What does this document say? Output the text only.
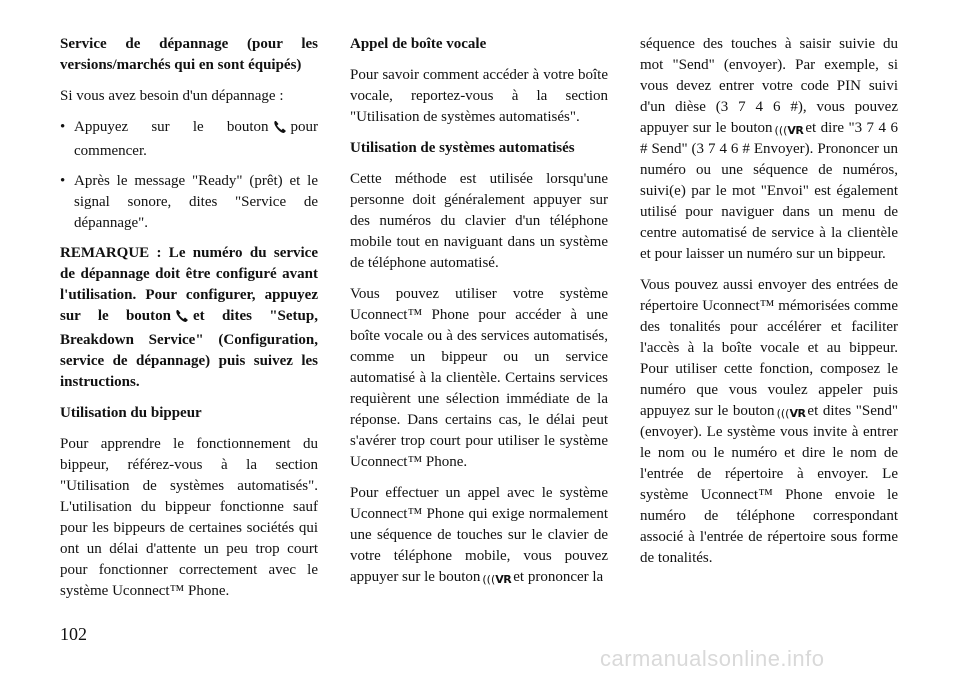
Service de dépannage (pour les versions/marchés qui en sont équipés)

Si vous avez besoin d'un dépannage :

• Appuyez sur le bouton pour commencer.
• Après le message "Ready" (prêt) et le signal sonore, dites "Service de dépannage".

REMARQUE : Le numéro du service de dépannage doit être configuré avant l'utilisation. Pour configurer, appuyez sur le bouton et dites "Setup, Breakdown Service" (Configuration, service de dépannage) puis suivez les instructions.

Utilisation du bippeur

Pour apprendre le fonctionnement du bippeur, référez-vous à la section "Utilisation de systèmes automatisés". L'utilisation du bippeur fonctionne sauf pour les bippeurs de certaines sociétés qui ont un délai d'attente un peu trop court pour fonctionner correctement avec le système Uconnect™ Phone.

Appel de boîte vocale

Pour savoir comment accéder à votre boîte vocale, reportez-vous à la section "Utilisation de systèmes automatisés".

Utilisation de systèmes automatisés

Cette méthode est utilisée lorsqu'une personne doit généralement appuyer sur des numéros du clavier d'un téléphone mobile tout en naviguant dans un système de téléphone automatisé.

Vous pouvez utiliser votre système Uconnect™ Phone pour accéder à une boîte vocale ou à des services automatisés, comme un bippeur ou un service automatisé à la clientèle. Certains services requièrent une sélection immédiate de la réponse. Dans certains cas, le délai peut s'avérer trop court pour utiliser le système Uconnect™ Phone.

Pour effectuer un appel avec le système Uconnect™ Phone qui exige normalement une séquence de touches sur le clavier de votre téléphone mobile, vous pouvez appuyer sur le bouton ((( VR et prononcer la

séquence des touches à saisir suivie du mot "Send" (envoyer). Par exemple, si vous devez entrer votre code PIN suivi d'un dièse (3 7 4 6 #), vous pouvez appuyer sur le bouton ((( VR et dire "3 7 4 6 # Send" (3 7 4 6 # Envoyer). Prononcer un numéro ou une séquence de numéros, suivi(e) par le mot "Envoi" est également utilisé pour naviguer dans un menu de centre automatisé de service à la clientèle et pour laisser un numéro sur un bippeur.

Vous pouvez aussi envoyer des entrées de répertoire Uconnect™ mémorisées comme des tonalités pour accélérer et faciliter l'accès à la boîte vocale et au bippeur. Pour utiliser cette fonction, composez le numéro que vous voulez appeler puis appuyez sur le bouton ((( VR et dites "Send" (envoyer). Le système vous invite à entrer le nom ou le numéro et dire le nom de l'entrée de répertoire à envoyer. Le système Uconnect™ Phone envoie le numéro de téléphone correspondant associé à l'entrée de répertoire sous forme de tonalités.

102
carmanualsonline.info
